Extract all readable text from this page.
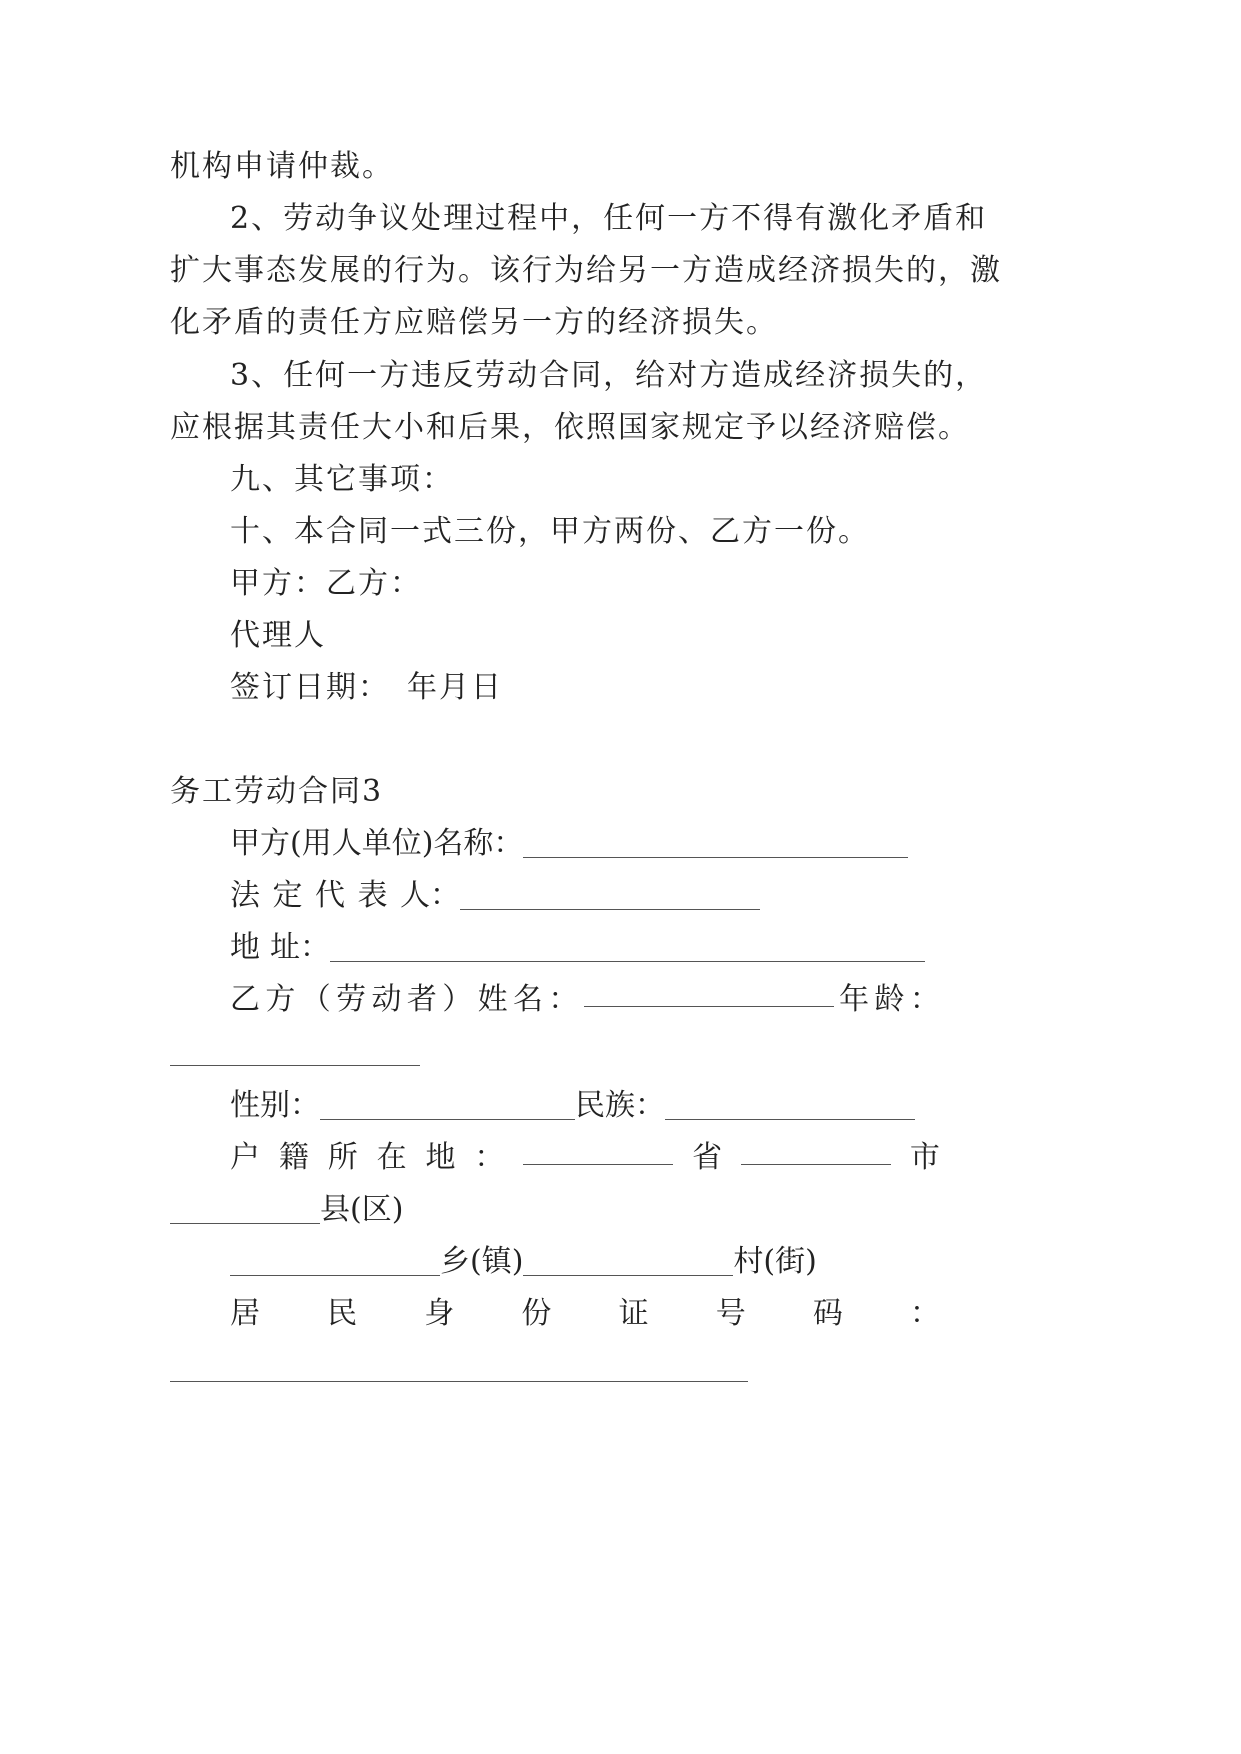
机构申请仲裁。
2、劳动争议处理过程中，任何一方不得有激化矛盾和
扩大事态发展的行为。该行为给另一方造成经济损失的，激
化矛盾的责任方应赔偿另一方的经济损失。
3、任何一方违反劳动合同，给对方造成经济损失的，
应根据其责任大小和后果，依照国家规定予以经济赔偿。
九、其它事项：
十、本合同一式三份，甲方两份、乙方一份。
甲方：乙方：
代理人
签订日期：　年月日
务工劳动合同3
甲方(用人单位)名称：
法 定 代 表 人：
地 址：
乙 方 （ 劳 动 者 ） 姓 名 ：	年 龄 ：
性别：	民族：
户 籍 所 在 地 ：	省	市
县(区)
乡(镇)	村(街)
居 民 身 份 证 号 码 ：
